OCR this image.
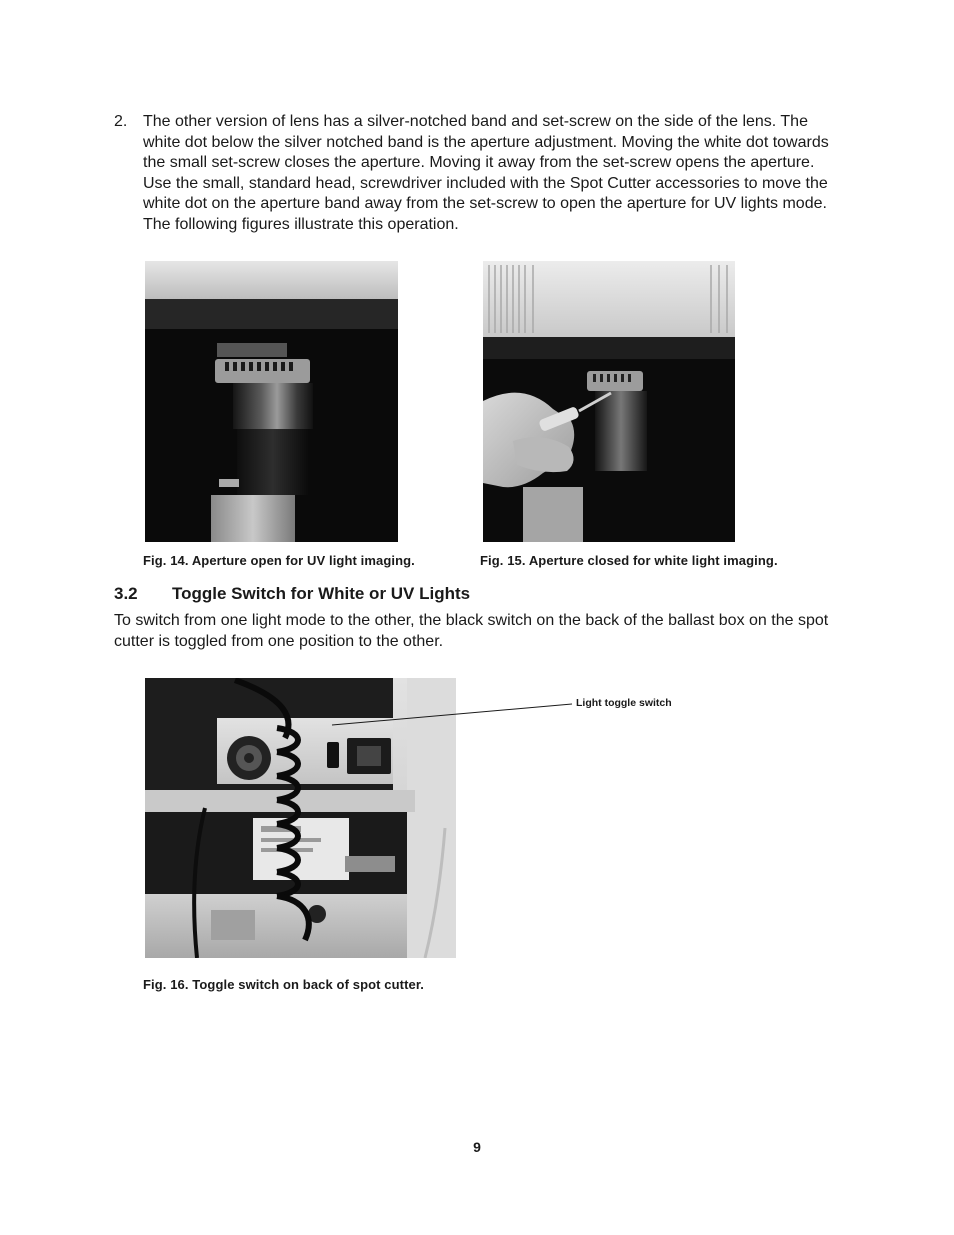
2. The other version of lens has a silver-notched band and set-screw on the side of the lens. The white dot below the silver notched band is the aperture adjustment. Moving the white dot towards the small set-screw closes the aperture. Moving it away from the set-screw opens the aperture. Use the small, standard head, screwdriver included with the Spot Cutter accessories to move the white dot on the aperture band away from the set-screw to open the aperture for UV lights mode. The following figures illustrate this operation.
Fig. 14. Aperture open for UV light imaging.	Fig. 15. Aperture closed for white light imaging.
3.2 Toggle Switch for White or UV Lights
To switch from one light mode to the other, the black switch on the back of the ballast box on the spot cutter is toggled from one position to the other.
Light toggle switch
Fig. 16. Toggle switch on back of spot cutter.
9
